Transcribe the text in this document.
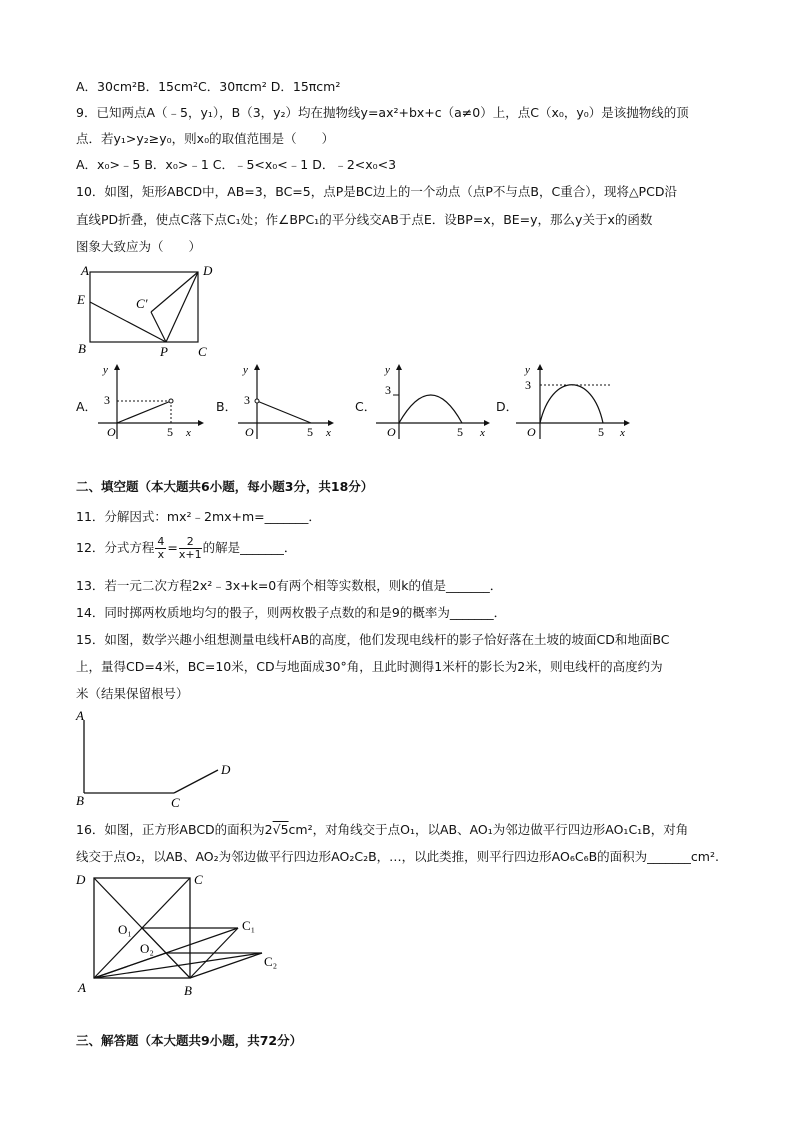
A．30cm²B．15cm²C．30πcm² D．15πcm²
9．已知两点A（﹣5，y₁），B（3，y₂）均在抛物线y=ax²+bx+c（a≠0）上，点C（x₀，y₀）是该抛物线的顶
点．若y₁>y₂≥y₀，则x₀的取值范围是（　　）
A．x₀>﹣5 B．x₀>﹣1 C．﹣5<x₀<﹣1 D．﹣2<x₀<3
10．如图，矩形ABCD中，AB=3，BC=5，点P是BC边上的一个动点（点P不与点B，C重合），现将△PCD沿
直线PD折叠，使点C落下点C₁处；作∠BPC₁的平分线交AB于点E．设BP=x，BE=y，那么y关于x的函数
图象大致应为（　　）
A	D
E	C'
B	P C
A．
y
3
O	5 x
B．
y
3
O	5 x
C．
y
3
O	5 x
D．
y
3
O	5 x
二、填空题（本大题共6小题，每小题3分，共18分）
11．分解因式：mx²﹣2mx+m=_______．
12．分式方程 $\frac{4}{x} = \frac{2}{x+1}$ 的解是_______．
13．若一元二次方程2x²﹣3x+k=0有两个相等实数根，则k的值是_______．
14．同时掷两枚质地均匀的骰子，则两枚骰子点数的和是9的概率为_______．
15．如图，数学兴趣小组想测量电线杆AB的高度，他们发现电线杆的影子恰好落在土坡的坡面CD和地面BC
上，量得CD=4米，BC=10米，CD与地面成30°角，且此时测得1米杆的影长为2米，则电线杆的高度约为
米（结果保留根号）
A
B	C
D
16．如图，正方形ABCD的面积为2√5cm²，对角线交于点O₁，以AB、AO₁为邻边做平行四边形AO₁C₁B，对角
线交于点O₂，以AB、AO₂为邻边做平行四边形AO₂C₂B，…，以此类推，则平行四边形AO₆C₆B的面积为_______cm².
D	C
O₁
O₂
C₁
C₂
A	B
三、解答题（本大题共9小题，共72分）
